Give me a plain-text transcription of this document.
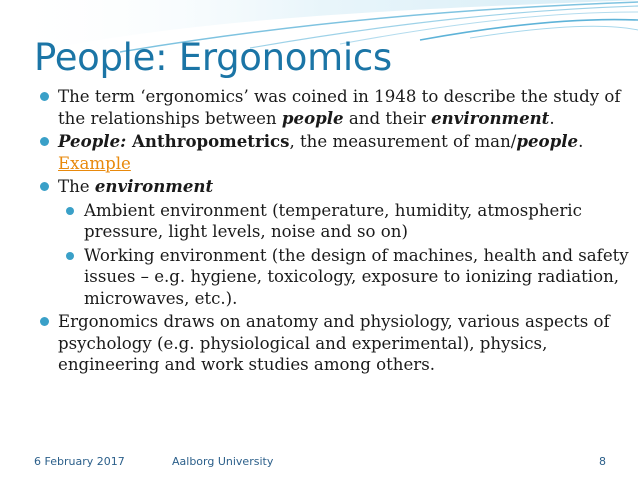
People: Ergonomics
The term ‘ergonomics’ was coined in 1948 to describe the study of the relationships between people and their environment.
People: Anthropometrics, the measurement of man/people. Example
The environment
Ambient environment (temperature, humidity, atmospheric pressure, light levels, noise and so on)
Working environment (the design of machines, health and safety issues – e.g. hygiene, toxicology, exposure to ionizing radiation, microwaves, etc.).
Ergonomics draws on anatomy and physiology, various aspects of psychology (e.g. physiological and experimental), physics, engineering and work studies among others.
6 February 2017	Aalborg University	8
